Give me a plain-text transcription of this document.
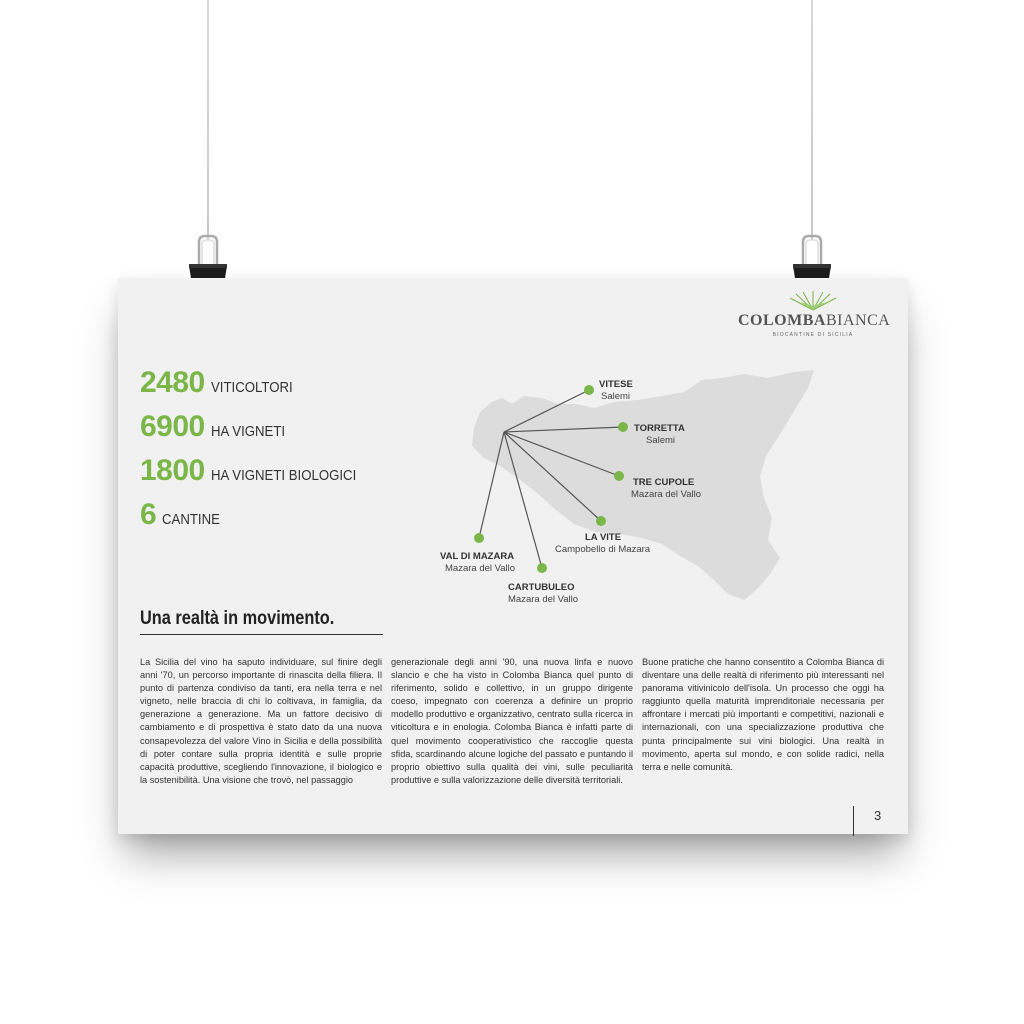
COLOMBABIANCA
BIOCANTINE DI SICILIA
2480 VITICOLTORI
6900 HA VIGNETI
1800 HA VIGNETI BIOLOGICI
6 CANTINE
VITESE
Salemi
TORRETTA
Salemi
TRE CUPOLE
Mazara del Vallo
LA VITE
Campobello di Mazara
VAL DI MAZARA
Mazara del Vallo
CARTUBULEO
Mazara del Vallo
Una realtà in movimento.
La Sicilia del vino ha saputo individuare, sul finire degli anni '70, un percorso importante di rinascita della filiera. Il punto di partenza condiviso da tanti, era nella terra e nel vigneto, nelle braccia di chi lo coltivava, in famiglia, da generazione a generazione. Ma un fattore decisivo di cambiamento e di prospettiva è stato dato da una nuova consapevolezza del valore Vino in Sicilia e della possibilità di poter contare sulla propria identità e sulle proprie capacità produttive, scegliendo l'innovazione, il biologico e la sostenibilità. Una visione che trovò, nel passaggio
generazionale degli anni '90, una nuova linfa e nuovo slancio e che ha visto in Colomba Bianca quel punto di riferimento, solido e collettivo, in un gruppo dirigente coeso, impegnato con coerenza a definire un proprio modello produttivo e organizzativo, centrato sulla ricerca in viticoltura e in enologia. Colomba Bianca è infatti parte di quel movimento cooperativistico che raccoglie questa sfida, scardinando alcune logiche del passato e puntando il proprio obiettivo sulla qualità dei vini, sulle peculiarità produttive e sulla valorizzazione delle diversità territoriali.
Buone pratiche che hanno consentito a Colomba Bianca di diventare una delle realtà di riferimento più interessanti nel panorama vitivinicolo dell'isola. Un processo che oggi ha raggiunto quella maturità imprenditoriale necessaria per affrontare i mercati più importanti e competitivi, nazionali e internazionali, con una specializzazione produttiva che punta principalmente sui vini biologici. Una realtà in movimento, aperta sul mondo, e con solide radici, nella terra e nelle comunità.
3
